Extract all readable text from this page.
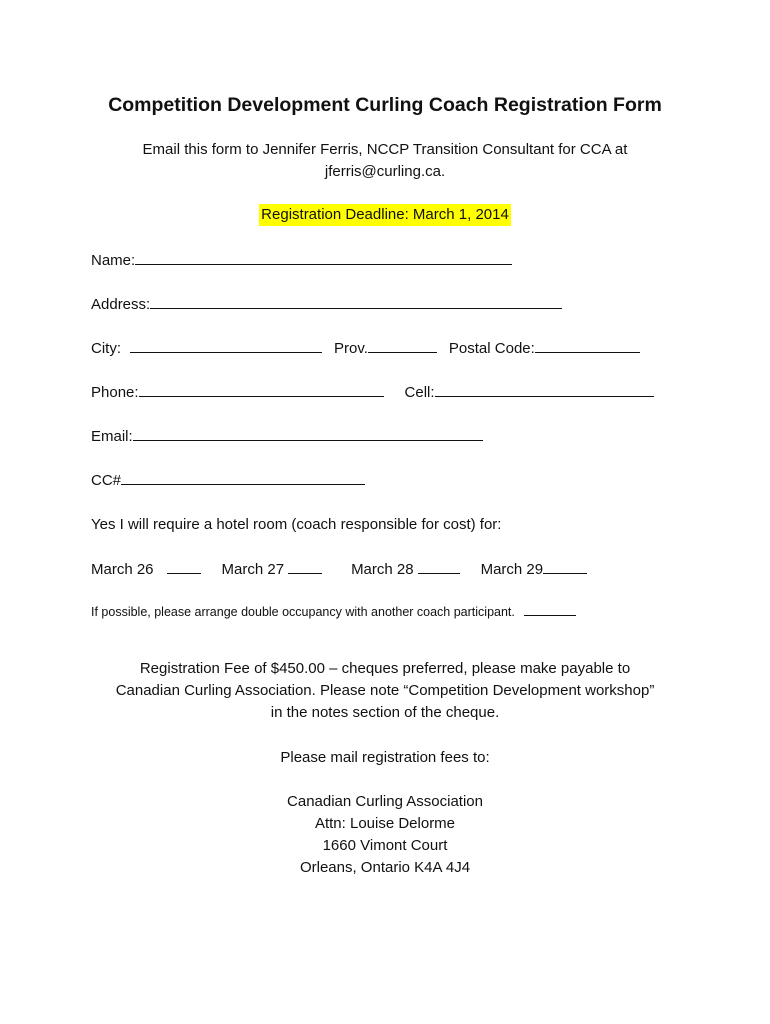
Competition Development Curling Coach Registration Form
Email this form to Jennifer Ferris, NCCP Transition Consultant for CCA at
jferris@curling.ca.
Registration Deadline: March 1, 2014
Name:
Address:
City:	Prov.	Postal Code:
Phone:	Cell:
Email:
CC#
Yes I will require a hotel room (coach responsible for cost) for:
March 26	March 27	March 28	March 29
If possible, please arrange double occupancy with another coach participant.
Registration Fee of $450.00 – cheques preferred, please make payable to
Canadian Curling Association. Please note “Competition Development workshop”
in the notes section of the cheque.
Please mail registration fees to:
Canadian Curling Association
Attn: Louise Delorme
1660 Vimont Court
Orleans, Ontario K4A 4J4
